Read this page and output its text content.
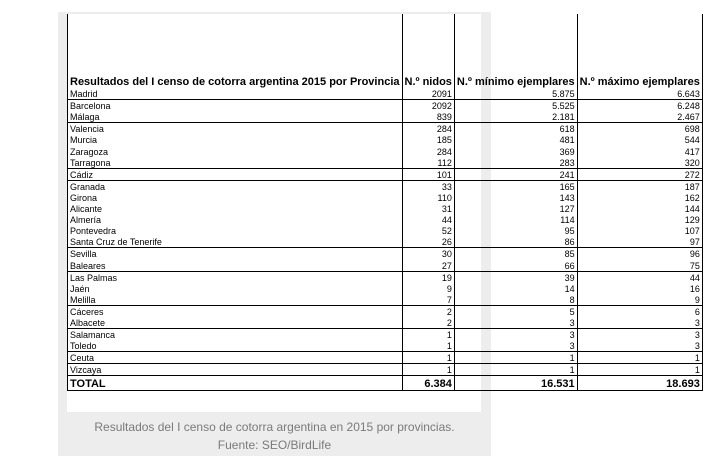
Resultados del I censo de cotorra argentina 2015 por Provincia	N.º nidos	N.º mínimo ejemplares	N.º máximo ejemplares

Madrid	2091	5.875	6.643
Barcelona	2092	5.525	6.248
Málaga	839	2.181	2.467
Valencia	284	618	698
Murcia	185	481	544
Zaragoza	284	369	417
Tarragona	112	283	320
Cádiz	101	241	272
Granada	33	165	187
Girona	110	143	162
Alicante	31	127	144
Almería	44	114	129
Pontevedra	52	95	107
Santa Cruz de Tenerife	26	86	97
Sevilla	30	85	96
Baleares	27	66	75
Las Palmas	19	39	44
Jaén	9	14	16
Melilla	7	8	9
Cáceres	2	5	6
Albacete	2	3	3
Salamanca	1	3	3
Toledo	1	3	3
Ceuta	1	1	1
Vizcaya	1	1	1
TOTAL	6.384	16.531	18.693
Resultados del I censo de cotorra argentina en 2015 por provincias.
Fuente: SEO/BirdLife
